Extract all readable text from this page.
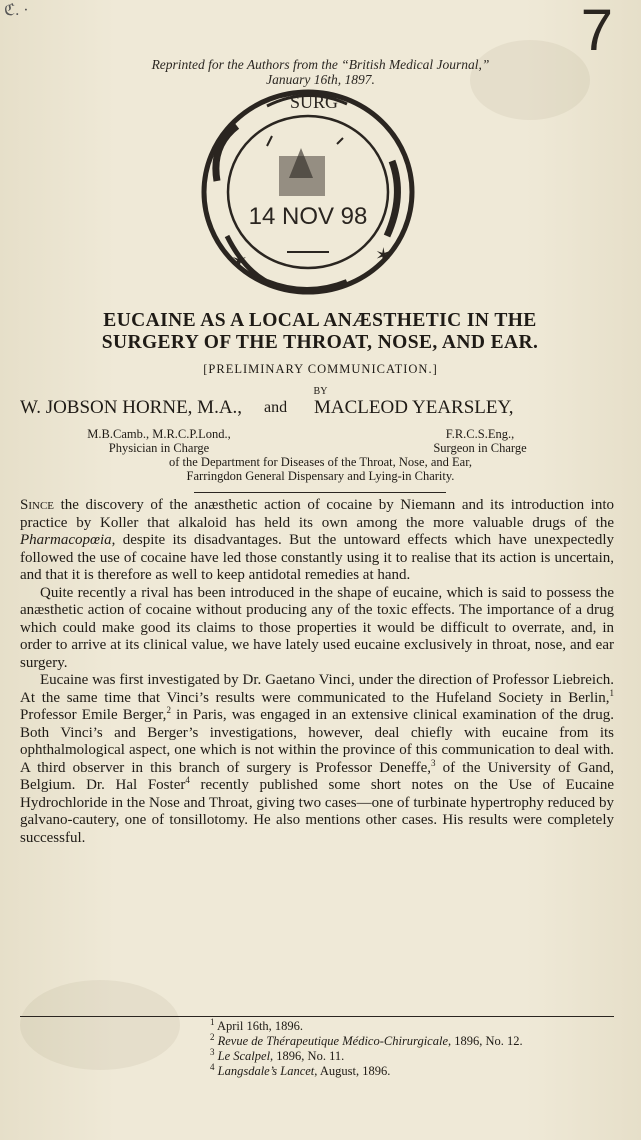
ℭ. ·	7
Reprinted for the Authors from the “British Medical Journal,”
January 16th, 1897.
SURG
14 NOV 98
✶	✶
EUCAINE AS A LOCAL ANÆSTHETIC IN THE
SURGERY OF THE THROAT, NOSE, AND EAR.
[PRELIMINARY COMMUNICATION.]
BY
W. JOBSON HORNE, M.A., and MACLEOD YEARSLEY,
M.B.Camb., M.R.C.P.Lond.,
Physician in Charge
F.R.C.S.Eng.,
Surgeon in Charge
of the Department for Diseases of the Throat, Nose, and Ear,
Farringdon General Dispensary and Lying-in Charity.

Since the discovery of the anæsthetic action of cocaine by Niemann and its introduction into practice by Koller that alkaloid has held its own among the more valuable drugs of the Pharmacopœia, despite its disadvantages. But the untoward effects which have unexpectedly followed the use of cocaine have led those constantly using it to realise that its action is uncertain, and that it is therefore as well to keep antidotal remedies at hand.

Quite recently a rival has been introduced in the shape of eucaine, which is said to possess the anæsthetic action of cocaine without producing any of the toxic effects. The importance of a drug which could make good its claims to those properties it would be difficult to overrate, and, in order to arrive at its clinical value, we have lately used eucaine exclusively in throat, nose, and ear surgery.

Eucaine was first investigated by Dr. Gaetano Vinci, under the direction of Professor Liebreich. At the same time that Vinci’s results were communicated to the Hufeland Society in Berlin,$^1$ Professor Emile Berger,$^2$ in Paris, was engaged in an extensive clinical examination of the drug. Both Vinci’s and Berger’s investigations, however, deal chiefly with eucaine from its ophthalmological aspect, one which is not within the province of this communication to deal with. A third observer in this branch of surgery is Professor Deneffe,$^3$ of the University of Gand, Belgium. Dr. Hal Foster$^4$ recently published some short notes on the Use of Eucaine Hydrochloride in the Nose and Throat, giving two cases—one of turbinate hypertrophy reduced by galvano-cautery, one of tonsillotomy. He also mentions other cases. His results were completely successful.

$^1$ April 16th, 1896.
$^2$ Revue de Thérapeutique Médico-Chirurgicale, 1896, No. 12.
$^3$ Le Scalpel, 1896, No. 11.
$^4$ Langsdale’s Lancet, August, 1896.
